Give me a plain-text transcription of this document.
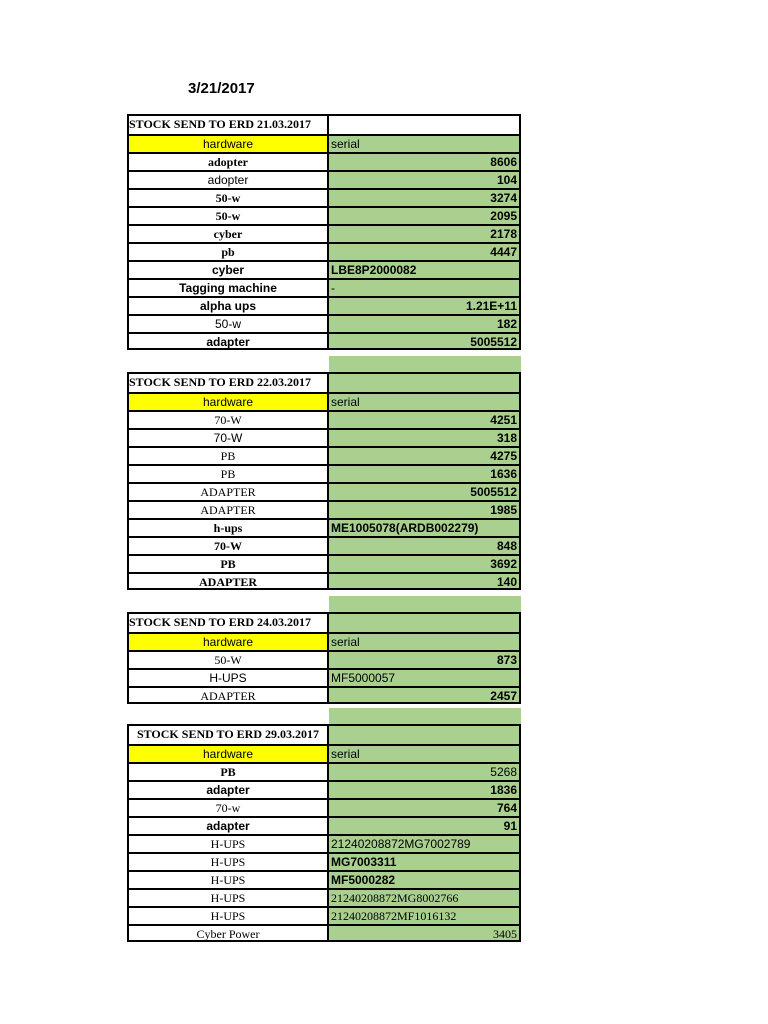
3/21/2017
STOCK SEND TO ERD 21.03.2017
hardware	serial
adopter	8606
adopter	104
50-w	3274
50-w	2095
cyber	2178
pb	4447
cyber	LBE8P2000082
Tagging machine	-
alpha ups	1.21E+11
50-w	182
adapter	5005512
STOCK SEND TO ERD 22.03.2017
hardware	serial
70-W	4251
70-W	318
PB	4275
PB	1636
ADAPTER	5005512
ADAPTER	1985
h-ups	ME1005078(ARDB002279)
70-W	848
PB	3692
ADAPTER	140
STOCK SEND TO ERD 24.03.2017
hardware	serial
50-W	873
H-UPS	MF5000057
ADAPTER	2457
STOCK SEND TO ERD 29.03.2017
hardware	serial
PB	5268
adapter	1836
70-w	764
adapter	91
H-UPS	21240208872MG7002789
H-UPS	MG7003311
H-UPS	MF5000282
H-UPS	21240208872MG8002766
H-UPS	21240208872MF1016132
Cyber Power	3405
